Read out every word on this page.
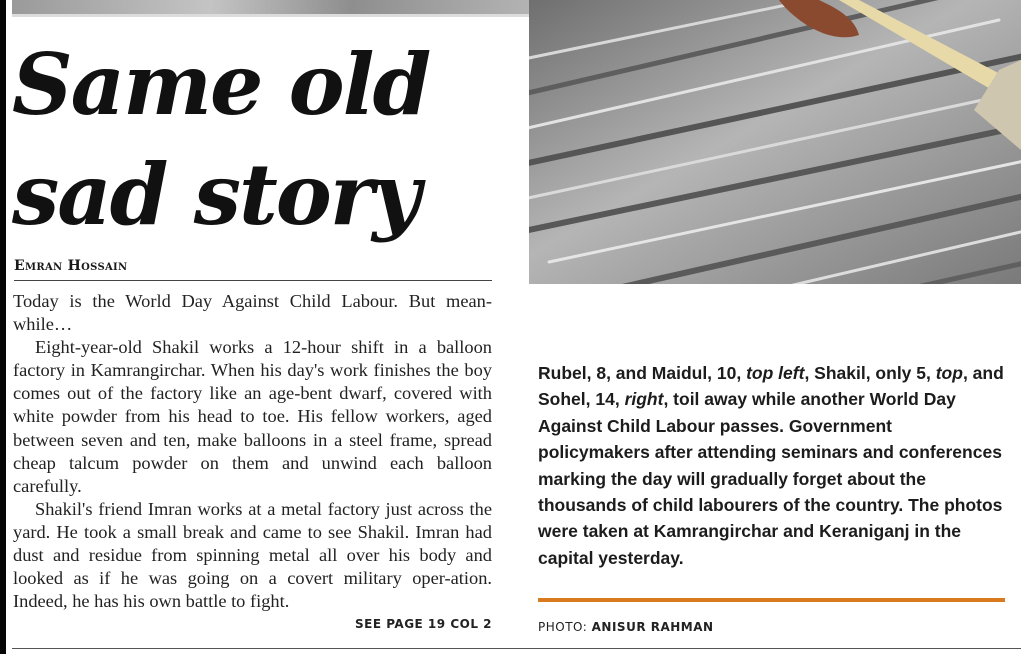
Same old
sad story
Emran Hossain

Today is the World Day Against Child Labour. But mean-while…

Eight-year-old Shakil works a 12-hour shift in a balloon factory in Kamrangirchar. When his day's work finishes the boy comes out of the factory like an age-bent dwarf, covered with white powder from his head to toe. His fellow workers, aged between seven and ten, make balloons in a steel frame, spread cheap talcum powder on them and unwind each balloon carefully.

Shakil's friend Imran works at a metal factory just across the yard. He took a small break and came to see Shakil. Imran had dust and residue from spinning metal all over his body and looked as if he was going on a covert military oper-ation. Indeed, he has his own battle to fight.

SEE PAGE 19 COL 2
Rubel, 8, and Maidul, 10, top left, Shakil, only 5, top, and Sohel, 14, right, toil away while another World Day Against Child Labour passes. Government policymakers after attending seminars and conferences marking the day will gradually forget about the thousands of child labourers of the country. The photos were taken at Kamrangirchar and Keraniganj in the capital yesterday.
PHOTO: ANISUR RAHMAN
